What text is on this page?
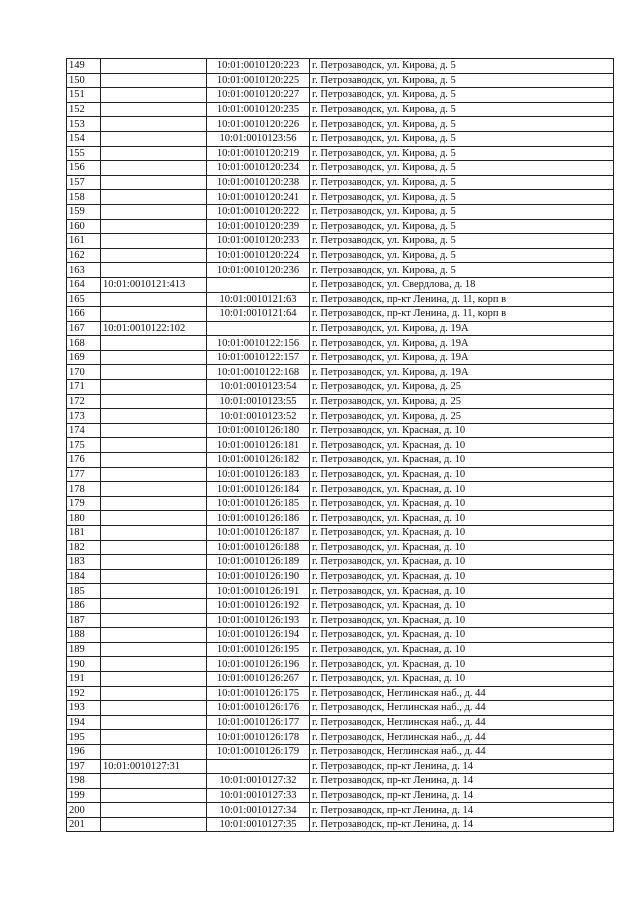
149		10:01:0010120:223	г. Петрозаводск, ул. Кирова, д. 5
150		10:01:0010120:225	г. Петрозаводск, ул. Кирова, д. 5
151		10:01:0010120:227	г. Петрозаводск, ул. Кирова, д. 5
152		10:01:0010120:235	г. Петрозаводск, ул. Кирова, д. 5
153		10:01:0010120:226	г. Петрозаводск, ул. Кирова, д. 5
154		10:01:0010123:56	г. Петрозаводск, ул. Кирова, д. 5
155		10:01:0010120:219	г. Петрозаводск, ул. Кирова, д. 5
156		10:01:0010120:234	г. Петрозаводск, ул. Кирова, д. 5
157		10:01:0010120:238	г. Петрозаводск, ул. Кирова, д. 5
158		10:01:0010120:241	г. Петрозаводск, ул. Кирова, д. 5
159		10:01:0010120:222	г. Петрозаводск, ул. Кирова, д. 5
160		10:01:0010120:239	г. Петрозаводск, ул. Кирова, д. 5
161		10:01:0010120:233	г. Петрозаводск, ул. Кирова, д. 5
162		10:01:0010120:224	г. Петрозаводск, ул. Кирова, д. 5
163		10:01:0010120:236	г. Петрозаводск, ул. Кирова, д. 5
164	10:01:0010121:413		г. Петрозаводск, ул. Свердлова, д. 18
165		10:01:0010121:63	г. Петрозаводск, пр-кт Ленина, д. 11, корп в
166		10:01:0010121:64	г. Петрозаводск, пр-кт Ленина, д. 11, корп в
167	10:01:0010122:102		г. Петрозаводск, ул. Кирова, д. 19А
168		10:01:0010122:156	г. Петрозаводск, ул. Кирова, д. 19А
169		10:01:0010122:157	г. Петрозаводск, ул. Кирова, д. 19А
170		10:01:0010122:168	г. Петрозаводск, ул. Кирова, д. 19А
171		10:01:0010123:54	г. Петрозаводск, ул. Кирова, д. 25
172		10:01:0010123:55	г. Петрозаводск, ул. Кирова, д. 25
173		10:01:0010123:52	г. Петрозаводск, ул. Кирова, д. 25
174		10:01:0010126:180	г. Петрозаводск, ул. Красная, д. 10
175		10:01:0010126:181	г. Петрозаводск, ул. Красная, д. 10
176		10:01:0010126:182	г. Петрозаводск, ул. Красная, д. 10
177		10:01:0010126:183	г. Петрозаводск, ул. Красная, д. 10
178		10:01:0010126:184	г. Петрозаводск, ул. Красная, д. 10
179		10:01:0010126:185	г. Петрозаводск, ул. Красная, д. 10
180		10:01:0010126:186	г. Петрозаводск, ул. Красная, д. 10
181		10:01:0010126:187	г. Петрозаводск, ул. Красная, д. 10
182		10:01:0010126:188	г. Петрозаводск, ул. Красная, д. 10
183		10:01:0010126:189	г. Петрозаводск, ул. Красная, д. 10
184		10:01:0010126:190	г. Петрозаводск, ул. Красная, д. 10
185		10:01:0010126:191	г. Петрозаводск, ул. Красная, д. 10
186		10:01:0010126:192	г. Петрозаводск, ул. Красная, д. 10
187		10:01:0010126:193	г. Петрозаводск, ул. Красная, д. 10
188		10:01:0010126:194	г. Петрозаводск, ул. Красная, д. 10
189		10:01:0010126:195	г. Петрозаводск, ул. Красная, д. 10
190		10:01:0010126:196	г. Петрозаводск, ул. Красная, д. 10
191		10:01:0010126:267	г. Петрозаводск, ул. Красная, д. 10
192		10:01:0010126:175	г. Петрозаводск, Неглинская наб., д. 44
193		10:01:0010126:176	г. Петрозаводск, Неглинская наб., д. 44
194		10:01:0010126:177	г. Петрозаводск, Неглинская наб., д. 44
195		10:01:0010126:178	г. Петрозаводск, Неглинская наб., д. 44
196		10:01:0010126:179	г. Петрозаводск, Неглинская наб., д. 44
197	10:01:0010127:31		г. Петрозаводск, пр-кт Ленина, д. 14
198		10:01:0010127:32	г. Петрозаводск, пр-кт Ленина, д. 14
199		10:01:0010127:33	г. Петрозаводск, пр-кт Ленина, д. 14
200		10:01:0010127:34	г. Петрозаводск, пр-кт Ленина, д. 14
201		10:01:0010127:35	г. Петрозаводск, пр-кт Ленина, д. 14
